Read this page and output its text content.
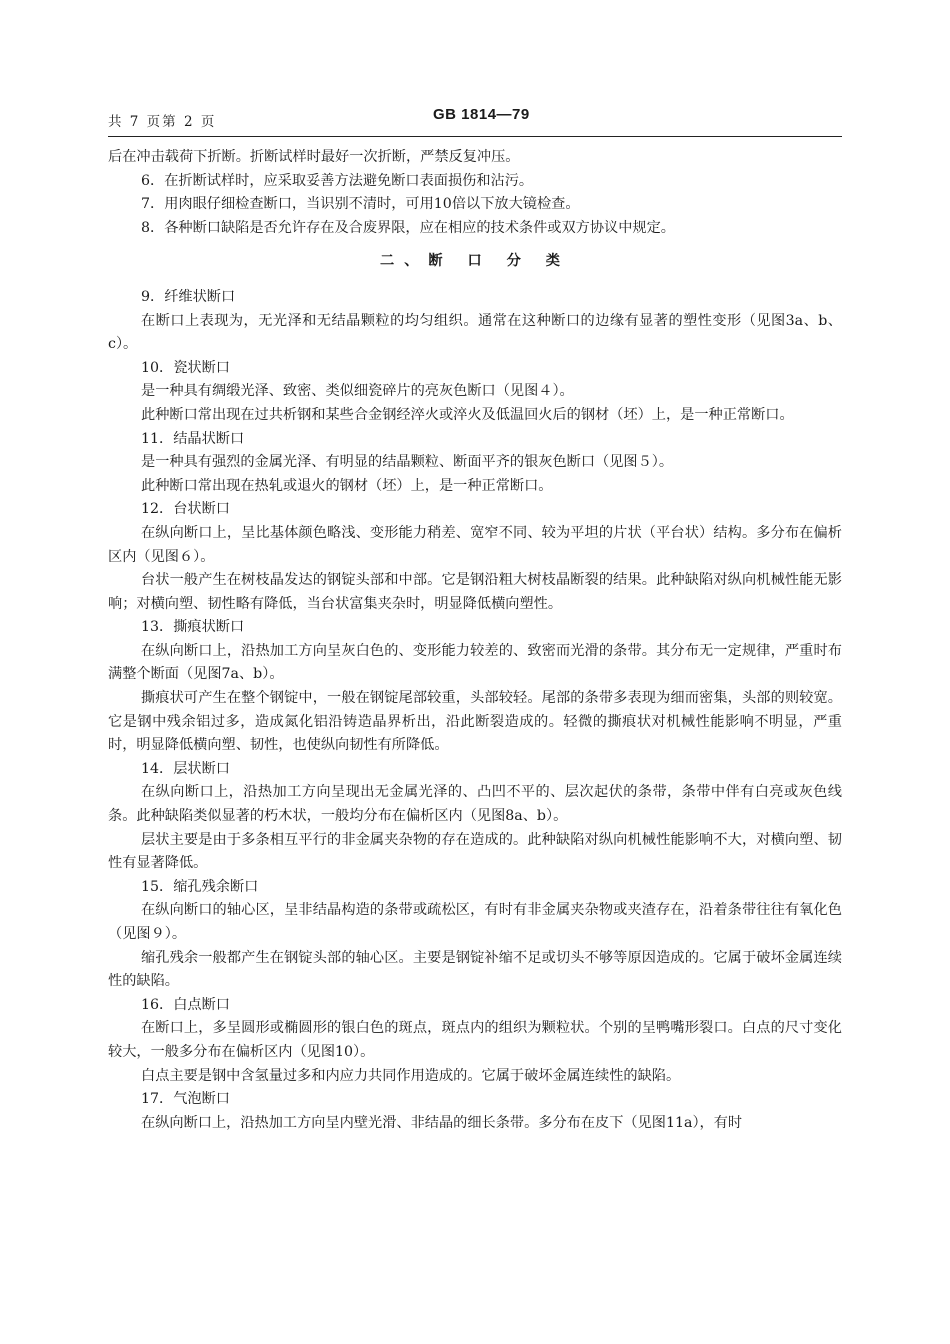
共 7 页第 2 页	GB 1814—79

后在冲击载荷下折断。折断试样时最好一次折断，严禁反复冲压。

6．在折断试样时，应采取妥善方法避免断口表面损伤和沾污。

7．用肉眼仔细检查断口，当识别不清时，可用10倍以下放大镜检查。

8．各种断口缺陷是否允许存在及合废界限，应在相应的技术条件或双方协议中规定。

二、断 口 分 类

9．纤维状断口

在断口上表现为，无光泽和无结晶颗粒的均匀组织。通常在这种断口的边缘有显著的塑性变形（见图3a、b、c）。

10．瓷状断口

是一种具有绸缎光泽、致密、类似细瓷碎片的亮灰色断口（见图４）。

此种断口常出现在过共析钢和某些合金钢经淬火或淬火及低温回火后的钢材（坯）上，是一种正常断口。

11．结晶状断口

是一种具有强烈的金属光泽、有明显的结晶颗粒、断面平齐的银灰色断口（见图５）。

此种断口常出现在热轧或退火的钢材（坯）上，是一种正常断口。

12．台状断口

在纵向断口上，呈比基体颜色略浅、变形能力稍差、宽窄不同、较为平坦的片状（平台状）结构。多分布在偏析区内（见图６）。

台状一般产生在树枝晶发达的钢锭头部和中部。它是钢沿粗大树枝晶断裂的结果。此种缺陷对纵向机械性能无影响；对横向塑、韧性略有降低，当台状富集夹杂时，明显降低横向塑性。

13．撕痕状断口

在纵向断口上，沿热加工方向呈灰白色的、变形能力较差的、致密而光滑的条带。其分布无一定规律，严重时布满整个断面（见图7a、b）。

撕痕状可产生在整个钢锭中，一般在钢锭尾部较重，头部较轻。尾部的条带多表现为细而密集，头部的则较宽。它是钢中残余铝过多，造成氮化铝沿铸造晶界析出，沿此断裂造成的。轻微的撕痕状对机械性能影响不明显，严重时，明显降低横向塑、韧性，也使纵向韧性有所降低。

14．层状断口

在纵向断口上，沿热加工方向呈现出无金属光泽的、凸凹不平的、层次起伏的条带，条带中伴有白亮或灰色线条。此种缺陷类似显著的朽木状，一般均分布在偏析区内（见图8a、b）。

层状主要是由于多条相互平行的非金属夹杂物的存在造成的。此种缺陷对纵向机械性能影响不大，对横向塑、韧性有显著降低。

15．缩孔残余断口

在纵向断口的轴心区，呈非结晶构造的条带或疏松区，有时有非金属夹杂物或夹渣存在，沿着条带往往有氧化色（见图９）。

缩孔残余一般都产生在钢锭头部的轴心区。主要是钢锭补缩不足或切头不够等原因造成的。它属于破坏金属连续性的缺陷。

16．白点断口

在断口上，多呈圆形或椭圆形的银白色的斑点，斑点内的组织为颗粒状。个别的呈鸭嘴形裂口。白点的尺寸变化较大，一般多分布在偏析区内（见图10）。

白点主要是钢中含氢量过多和内应力共同作用造成的。它属于破坏金属连续性的缺陷。

17．气泡断口

在纵向断口上，沿热加工方向呈内壁光滑、非结晶的细长条带。多分布在皮下（见图11a），有时
